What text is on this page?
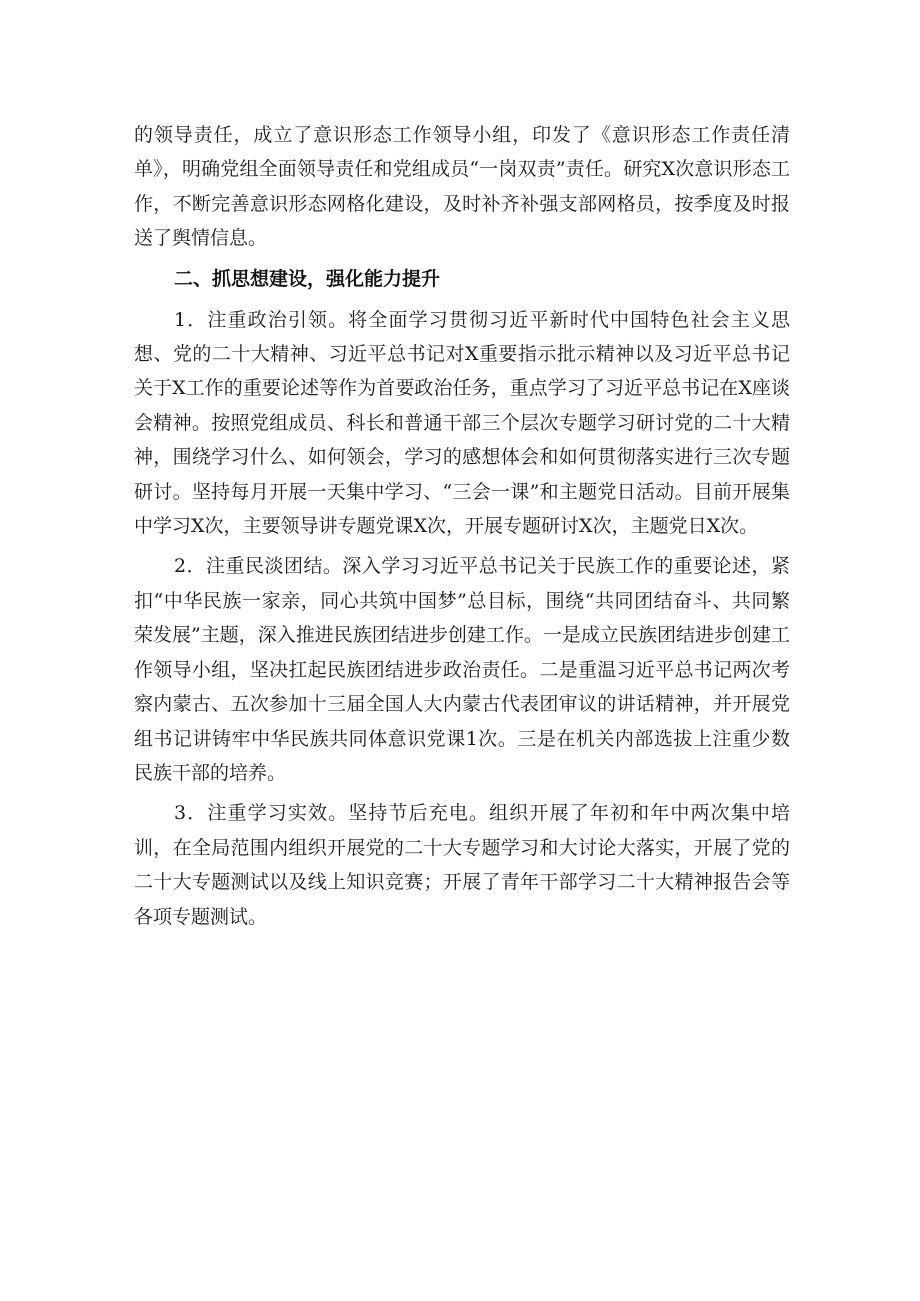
的领导责任，成立了意识形态工作领导小组，印发了《意识形态工作责任清单》，明确党组全面领导责任和党组成员“一岗双责”责任。研究X次意识形态工作，不断完善意识形态网格化建设，及时补齐补强支部网格员，按季度及时报送了舆情信息。

二、抓思想建设，强化能力提升

1．注重政治引领。将全面学习贯彻习近平新时代中国特色社会主义思想、党的二十大精神、习近平总书记对X重要指示批示精神以及习近平总书记关于X工作的重要论述等作为首要政治任务，重点学习了习近平总书记在X座谈会精神。按照党组成员、科长和普通干部三个层次专题学习研讨党的二十大精神，围绕学习什么、如何领会，学习的感想体会和如何贯彻落实进行三次专题研讨。坚持每月开展一天集中学习、“三会一课”和主题党日活动。目前开展集中学习X次，主要领导讲专题党课X次，开展专题研讨X次，主题党日X次。

2．注重民淡团结。深入学习习近平总书记关于民族工作的重要论述，紧扣“中华民族一家亲，同心共筑中国梦”总目标，围绕“共同团结奋斗、共同繁荣发展”主题，深入推进民族团结进步创建工作。一是成立民族团结进步创建工作领导小组，坚决扛起民族团结进步政治责任。二是重温习近平总书记两次考察内蒙古、五次参加十三届全国人大内蒙古代表团审议的讲话精神，并开展党组书记讲铸牢中华民族共同体意识党课1次。三是在机关内部选拔上注重少数民族干部的培养。

3．注重学习实效。坚持节后充电。组织开展了年初和年中两次集中培训，在全局范围内组织开展党的二十大专题学习和大讨论大落实，开展了党的二十大专题测试以及线上知识竞赛；开展了青年干部学习二十大精神报告会等各项专题测试。
